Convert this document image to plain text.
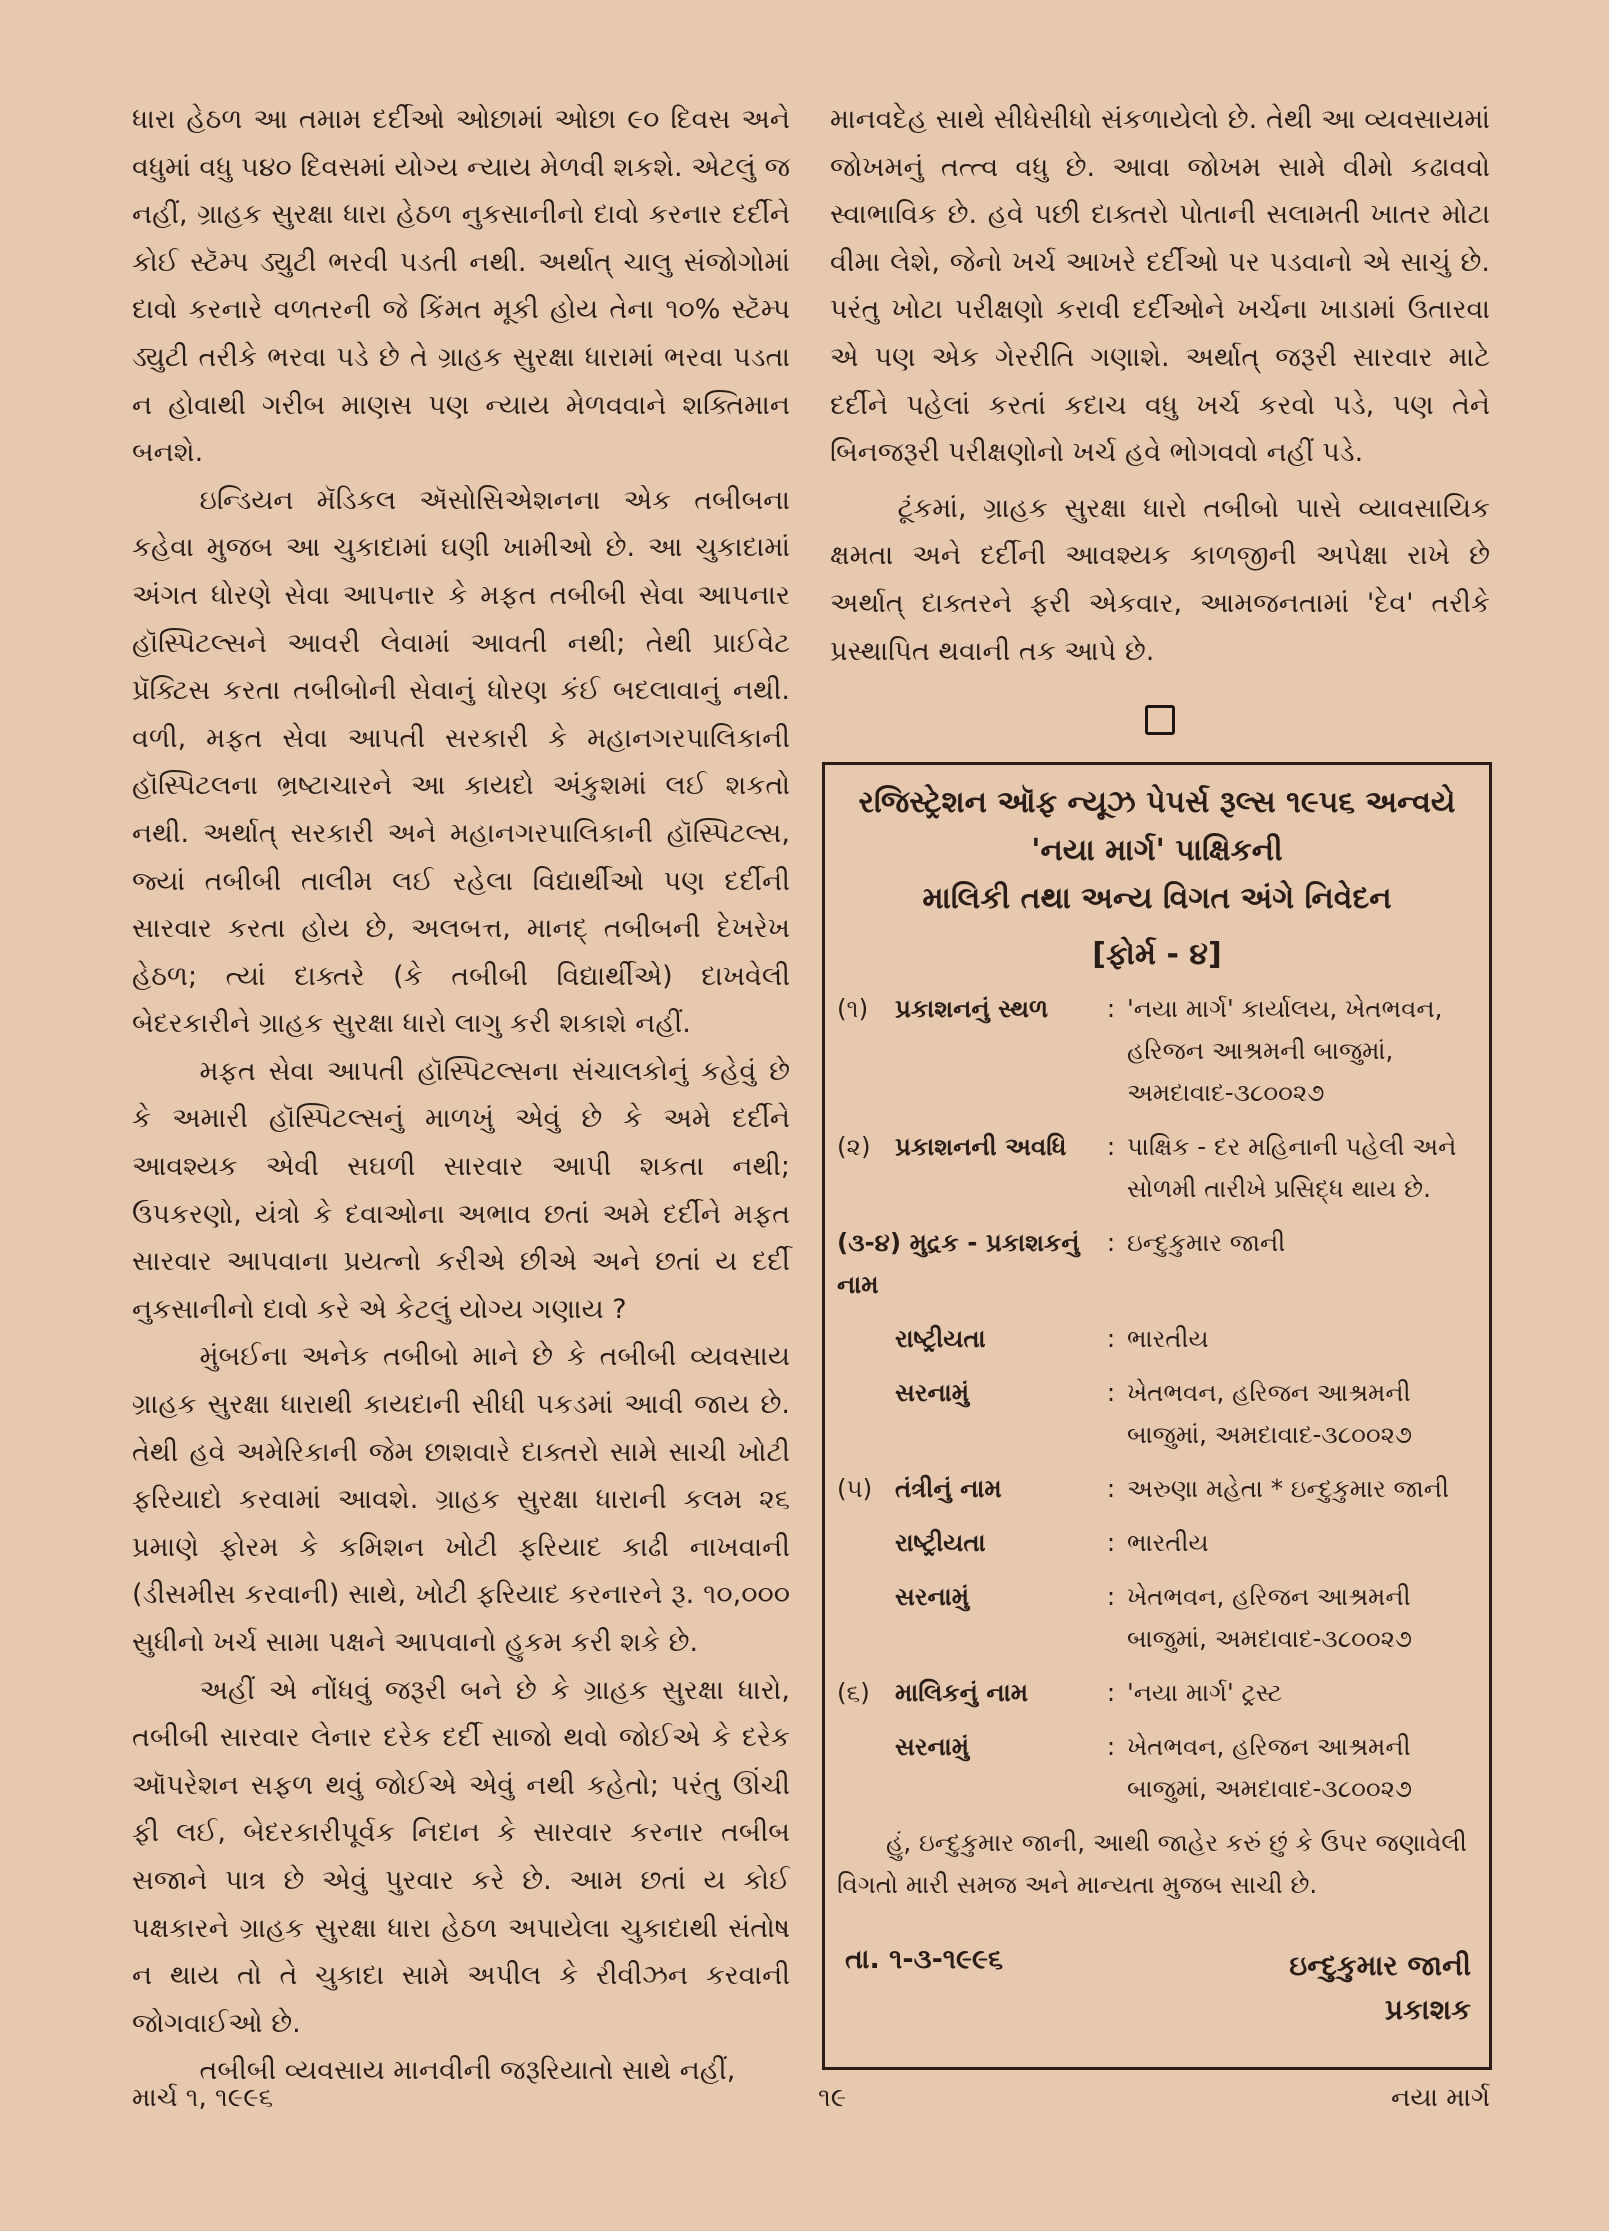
ધારા હેઠળ આ તમામ દર્દીઓ ઓછામાં ઓછા ૯૦ દિવસ અને વધુમાં વધુ ૫૪૦ દિવસમાં યોગ્ય ન્યાય મેળવી શકશે. એટલું જ નહીં, ગ્રાહક સુરક્ષા ધારા હેઠળ નુકસાનીનો દાવો કરનાર દર્દીને કોઈ સ્ટૅમ્પ ડ્યુટી ભરવી પડતી નથી. અર્થાત્ ચાલુ સંજોગોમાં દાવો કરનારે વળતરની જે કિંમત મૂકી હોય તેના ૧૦% સ્ટૅમ્પ ડ્યુટી તરીકે ભરવા પડે છે તે ગ્રાહક સુરક્ષા ધારામાં ભરવા પડતા ન હોવાથી ગરીબ માણસ પણ ન્યાય મેળવવાને શક્તિમાન બનશે.

ઇન્ડિયન મૅડિકલ ઍસોસિએશનના એક તબીબના કહેવા મુજબ આ ચુકાદામાં ઘણી ખામીઓ છે. આ ચુકાદામાં અંગત ધોરણે સેવા આપનાર કે મફત તબીબી સેવા આપનાર હૉસ્પિટલ્સને આવરી લેવામાં આવતી નથી; તેથી પ્રાઈવેટ પ્રૅક્ટિસ કરતા તબીબોની સેવાનું ધોરણ કંઈ બદલાવાનું નથી. વળી, મફત સેવા આપતી સરકારી કે મહાનગરપાલિકાની હૉસ્પિટલના ભ્રષ્ટાચારને આ કાયદો અંકુશમાં લઈ શકતો નથી. અર્થાત્ સરકારી અને મહાનગરપાલિકાની હૉસ્પિટલ્સ, જ્યાં તબીબી તાલીમ લઈ રહેલા વિદ્યાર્થીઓ પણ દર્દીની સારવાર કરતા હોય છે, અલબત્ત, માનદ્ તબીબની દેખરેખ હેઠળ; ત્યાં દાક્તરે (કે તબીબી વિદ્યાર્થીએ) દાખવેલી બેદરકારીને ગ્રાહક સુરક્ષા ધારો લાગુ કરી શકાશે નહીં.

મફત સેવા આપતી હૉસ્પિટલ્સના સંચાલકોનું કહેવું છે કે અમારી હૉસ્પિટલ્સનું માળખું એવું છે કે અમે દર્દીને આવશ્યક એવી સઘળી સારવાર આપી શકતા નથી; ઉપકરણો, યંત્રો કે દવાઓના અભાવ છતાં અમે દર્દીને મફત સારવાર આપવાના પ્રયત્નો કરીએ છીએ અને છતાં ય દર્દી નુકસાનીનો દાવો કરે એ કેટલું યોગ્ય ગણાય ?

મુંબઈના અનેક તબીબો માને છે કે તબીબી વ્યવસાય ગ્રાહક સુરક્ષા ધારાથી કાયદાની સીધી પકડમાં આવી જાય છે. તેથી હવે અમેરિકાની જેમ છાશવારે દાક્તરો સામે સાચી ખોટી ફરિયાદો કરવામાં આવશે. ગ્રાહક સુરક્ષા ધારાની કલમ ૨૬ પ્રમાણે ફોરમ કે કમિશન ખોટી ફરિયાદ કાઢી નાખવાની (ડીસમીસ કરવાની) સાથે, ખોટી ફરિયાદ કરનારને રૂ. ૧૦,૦૦૦ સુધીનો ખર્ચ સામા પક્ષને આપવાનો હુકમ કરી શકે છે.

અહીં એ નોંધવું જરૂરી બને છે કે ગ્રાહક સુરક્ષા ધારો, તબીબી સારવાર લેનાર દરેક દર્દી સાજો થવો જોઈએ કે દરેક ઑપરેશન સફળ થવું જોઈએ એવું નથી કહેતો; પરંતુ ઊંચી ફી લઈ, બેદરકારીપૂર્વક નિદાન કે સારવાર કરનાર તબીબ સજાને પાત્ર છે એવું પુરવાર કરે છે. આમ છતાં ય કોઈ પક્ષકારને ગ્રાહક સુરક્ષા ધારા હેઠળ અપાયેલા ચુકાદાથી સંતોષ ન થાય તો તે ચુકાદા સામે અપીલ કે રીવીઝન કરવાની જોગવાઈઓ છે.

તબીબી વ્યવસાય માનવીની જરૂરિયાતો સાથે નહીં,

માનવદેહ સાથે સીધેસીધો સંકળાયેલો છે. તેથી આ વ્યવસાયમાં જોખમનું તત્ત્વ વધુ છે. આવા જોખમ સામે વીમો કઢાવવો સ્વાભાવિક છે. હવે પછી દાક્તરો પોતાની સલામતી ખાતર મોટા વીમા લેશે, જેનો ખર્ચ આખરે દર્દીઓ પર પડવાનો એ સાચું છે. પરંતુ ખોટા પરીક્ષણો કરાવી દર્દીઓને ખર્ચના ખાડામાં ઉતારવા એ પણ એક ગેરરીતિ ગણાશે. અર્થાત્ જરૂરી સારવાર માટે દર્દીને પહેલાં કરતાં કદાચ વધુ ખર્ચ કરવો પડે, પણ તેને બિનજરૂરી પરીક્ષણોનો ખર્ચ હવે ભોગવવો નહીં પડે.

ટૂંકમાં, ગ્રાહક સુરક્ષા ધારો તબીબો પાસે વ્યાવસાયિક ક્ષમતા અને દર્દીની આવશ્યક કાળજીની અપેક્ષા રાખે છે અર્થાત્ દાક્તરને ફરી એકવાર, આમજનતામાં 'દેવ' તરીકે પ્રસ્થાપિત થવાની તક આપે છે.

રજિસ્ટ્રેશન ઑફ ન્યૂઝ પેપર્સ રૂલ્સ ૧૯૫૬ અન્વયે
'નયા માર્ગ' પાક્ષિકની
માલિકી તથા અન્ય વિગત અંગે નિવેદન
[ફોર્મ - ૪]
(૧)	પ્રકાશનનું સ્થળ	: 'નયા માર્ગ' કાર્યાલય, ખેતભવન, હરિજન આશ્રમની બાજુમાં, અમદાવાદ-૩૮૦૦૨૭
(૨)	પ્રકાશનની અવધિ	: પાક્ષિક - દર મહિનાની પહેલી અને સોળમી તારીખે પ્રસિદ્ધ થાય છે.
(૩-૪) મુદ્રક - પ્રકાશકનું નામ
: ઇન્દુકુમાર જાની
રાષ્ટ્રીયતા	: ભારતીય
સરનામું	: ખેતભવન, હરિજન આશ્રમની બાજુમાં, અમદાવાદ-૩૮૦૦૨૭
(૫) તંત્રીનું નામ	: અરુણા મહેતા * ઇન્દુકુમાર જાની
રાષ્ટ્રીયતા	: ભારતીય
સરનામું	: ખેતભવન, હરિજન આશ્રમની બાજુમાં, અમદાવાદ-૩૮૦૦૨૭
(૬)	માલિકનું નામ	: 'નયા માર્ગ' ટ્રસ્ટ
સરનામું	: ખેતભવન, હરિજન આશ્રમની બાજુમાં, અમદાવાદ-૩૮૦૦૨૭
હું, ઇન્દુકુમાર જાની, આથી જાહેર કરું છું કે ઉપર જણાવેલી વિગતો મારી સમજ અને માન્યતા મુજબ સાચી છે.
તા. ૧-૩-૧૯૯૬	ઇન્દુકુમાર જાની
પ્રકાશક
માર્ચ ૧, ૧૯૯૬	૧૯	નયા માર્ગ
